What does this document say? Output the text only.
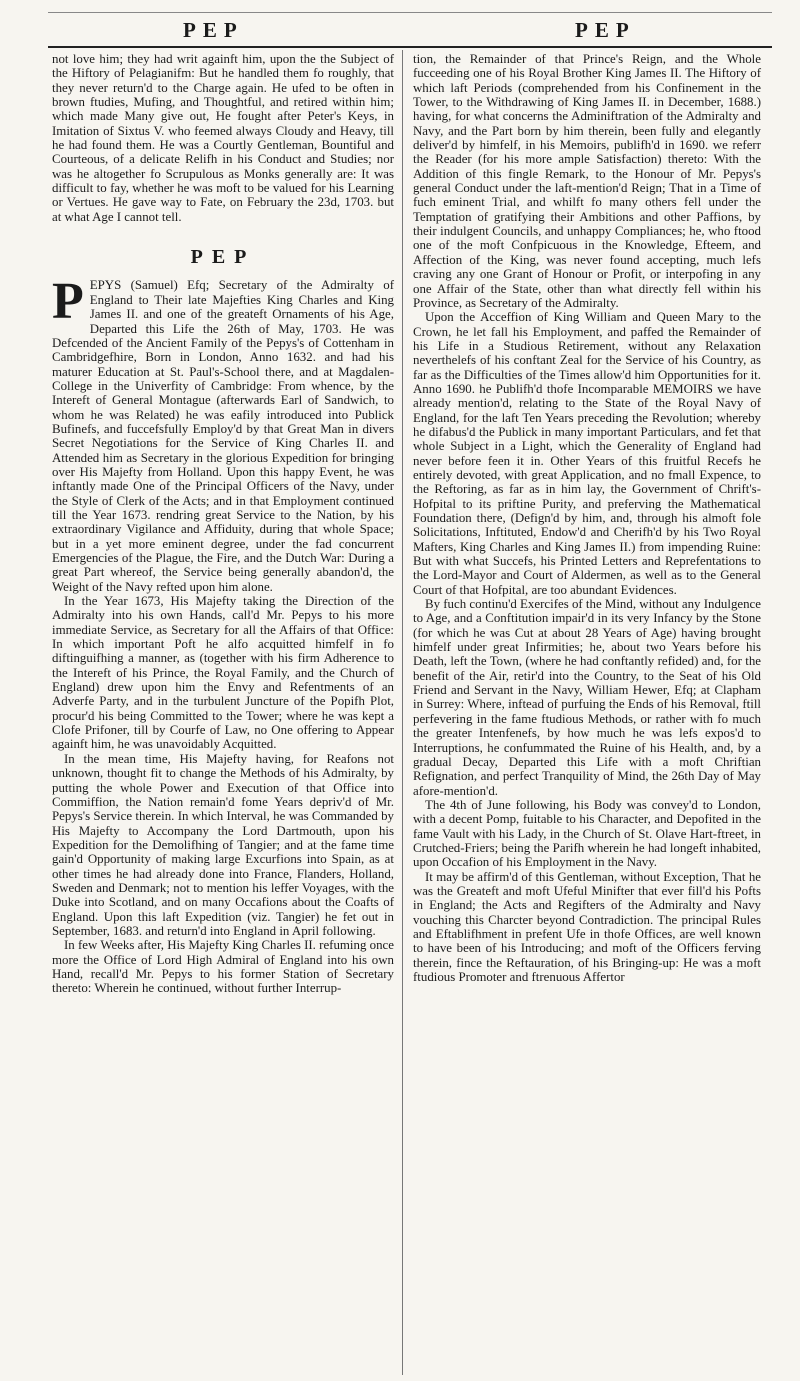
PEP	PEP

not love him; they had writ againft him, upon the the Subject of the Hiftory of Pelagianifm: But he handled them fo roughly, that they never return'd to the Charge again. He ufed to be often in brown ftudies, Mufing, and Thoughtful, and retired within him; which made Many give out, He fought after Peter's Keys, in Imitation of Sixtus V. who feemed always Cloudy and Heavy, till he had found them. He was a Courtly Gentleman, Bountiful and Courteous, of a delicate Relifh in his Conduct and Studies; nor was he altogether fo Scrupulous as Monks generally are: It was difficult to fay, whether he was moft to be valued for his Learning or Vertues. He gave way to Fate, on February the 23d, 1703. but at what Age I cannot tell.

PEP

PEPYS (Samuel) Efq; Secretary of the Admiralty of England to Their late Majefties King Charles and King James II. and one of the greateft Ornaments of his Age, Departed this Life the 26th of May, 1703. He was Defcended of the Ancient Family of the Pepys's of Cottenham in Cambridgefhire, Born in London, Anno 1632. and had his maturer Education at St. Paul's-School there, and at Magdalen-College in the Univerfity of Cambridge: From whence, by the Intereft of General Montague (afterwards Earl of Sandwich, to whom he was Related) he was eafily introduced into Publick Bufinefs, and fuccefsfully Employ'd by that Great Man in divers Secret Negotiations for the Service of King Charles II. and Attended him as Secretary in the glorious Expedition for bringing over His Majefty from Holland. Upon this happy Event, he was inftantly made One of the Principal Officers of the Navy, under the Style of Clerk of the Acts; and in that Employment continued till the Year 1673. rendring great Service to the Nation, by his extraordinary Vigilance and Affiduity, during that whole Space; but in a yet more eminent degree, under the fad concurrent Emergencies of the Plague, the Fire, and the Dutch War: During a great Part whereof, the Service being generally abandon'd, the Weight of the Navy refted upon him alone.

In the Year 1673, His Majefty taking the Direction of the Admiralty into his own Hands, call'd Mr. Pepys to his more immediate Service, as Secretary for all the Affairs of that Office: In which important Poft he alfo acquitted himfelf in fo diftinguifhing a manner, as (together with his firm Adherence to the Intereft of his Prince, the Royal Family, and the Church of England) drew upon him the Envy and Refentments of an Adverfe Party, and in the turbulent Juncture of the Popifh Plot, procur'd his being Committed to the Tower; where he was kept a Clofe Prifoner, till by Courfe of Law, no One offering to Appear againft him, he was unavoidably Acquitted.

In the mean time, His Majefty having, for Reafons not unknown, thought fit to change the Methods of his Admiralty, by putting the whole Power and Execution of that Office into Commiffion, the Nation remain'd fome Years depriv'd of Mr. Pepys's Service therein. In which Interval, he was Commanded by His Majefty to Accompany the Lord Dartmouth, upon his Expedition for the Demolifhing of Tangier; and at the fame time gain'd Opportunity of making large Excurfions into Spain, as at other times he had already done into France, Flanders, Holland, Sweden and Denmark; not to mention his leffer Voyages, with the Duke into Scotland, and on many Occafions about the Coafts of England. Upon this laft Expedition (viz. Tangier) he fet out in September, 1683. and return'd into England in April following.

In few Weeks after, His Majefty King Charles II. refuming once more the Office of Lord High Admiral of England into his own Hand, recall'd Mr. Pepys to his former Station of Secretary thereto: Wherein he continued, without further Interrup-

tion, the Remainder of that Prince's Reign, and the Whole fucceeding one of his Royal Brother King James II. The Hiftory of which laft Periods (comprehended from his Confinement in the Tower, to the Withdrawing of King James II. in December, 1688.) having, for what concerns the Adminiftration of the Admiralty and Navy, and the Part born by him therein, been fully and elegantly deliver'd by himfelf, in his Memoirs, publifh'd in 1690. we referr the Reader (for his more ample Satisfaction) thereto: With the Addition of this fingle Remark, to the Honour of Mr. Pepys's general Conduct under the laft-mention'd Reign; That in a Time of fuch eminent Trial, and whilft fo many others fell under the Temptation of gratifying their Ambitions and other Paffions, by their indulgent Councils, and unhappy Compliances; he, who ftood one of the moft Confpicuous in the Knowledge, Efteem, and Affection of the King, was never found accepting, much lefs craving any one Grant of Honour or Profit, or interpofing in any one Affair of the State, other than what directly fell within his Province, as Secretary of the Admiralty.

Upon the Acceffion of King William and Queen Mary to the Crown, he let fall his Employment, and paffed the Remainder of his Life in a Studious Retirement, without any Relaxation neverthelefs of his conftant Zeal for the Service of his Country, as far as the Difficulties of the Times allow'd him Opportunities for it. Anno 1690. he Publifh'd thofe Incomparable MEMOIRS we have already mention'd, relating to the State of the Royal Navy of England, for the laft Ten Years preceding the Revolution; whereby he difabus'd the Publick in many important Particulars, and fet that whole Subject in a Light, which the Generality of England had never before feen it in. Other Years of this fruitful Recefs he entirely devoted, with great Application, and no fmall Expence, to the Reftoring, as far as in him lay, the Government of Chrift's-Hofpital to its priftine Purity, and preferving the Mathematical Foundation there, (Defign'd by him, and, through his almoft fole Solicitations, Inftituted, Endow'd and Cherifh'd by his Two Royal Mafters, King Charles and King James II.) from impending Ruine: But with what Succefs, his Printed Letters and Reprefentations to the Lord-Mayor and Court of Aldermen, as well as to the General Court of that Hofpital, are too abundant Evidences.

By fuch continu'd Exercifes of the Mind, without any Indulgence to Age, and a Conftitution impair'd in its very Infancy by the Stone (for which he was Cut at about 28 Years of Age) having brought himfelf under great Infirmities; he, about two Years before his Death, left the Town, (where he had conftantly refided) and, for the benefit of the Air, retir'd into the Country, to the Seat of his Old Friend and Servant in the Navy, William Hewer, Efq; at Clapham in Surrey: Where, inftead of purfuing the Ends of his Removal, ftill perfevering in the fame ftudious Methods, or rather with fo much the greater Intenfenefs, by how much he was lefs expos'd to Interruptions, he confummated the Ruine of his Health, and, by a gradual Decay, Departed this Life with a moft Chriftian Refignation, and perfect Tranquility of Mind, the 26th Day of May afore-mention'd.

The 4th of June following, his Body was convey'd to London, with a decent Pomp, fuitable to his Character, and Depofited in the fame Vault with his Lady, in the Church of St. Olave Hart-ftreet, in Crutched-Friers; being the Parifh wherein he had longeft inhabited, upon Occafion of his Employment in the Navy.

It may be affirm'd of this Gentleman, without Exception, That he was the Greateft and moft Ufeful Minifter that ever fill'd his Pofts in England; the Acts and Regifters of the Admiralty and Navy vouching this Charcter beyond Contradiction. The principal Rules and Eftablifhment in prefent Ufe in thofe Offices, are well known to have been of his Introducing; and moft of the Officers ferving therein, fince the Reftauration, of his Bringing-up: He was a moft ftudious Promoter and ftrenuous Affertor
